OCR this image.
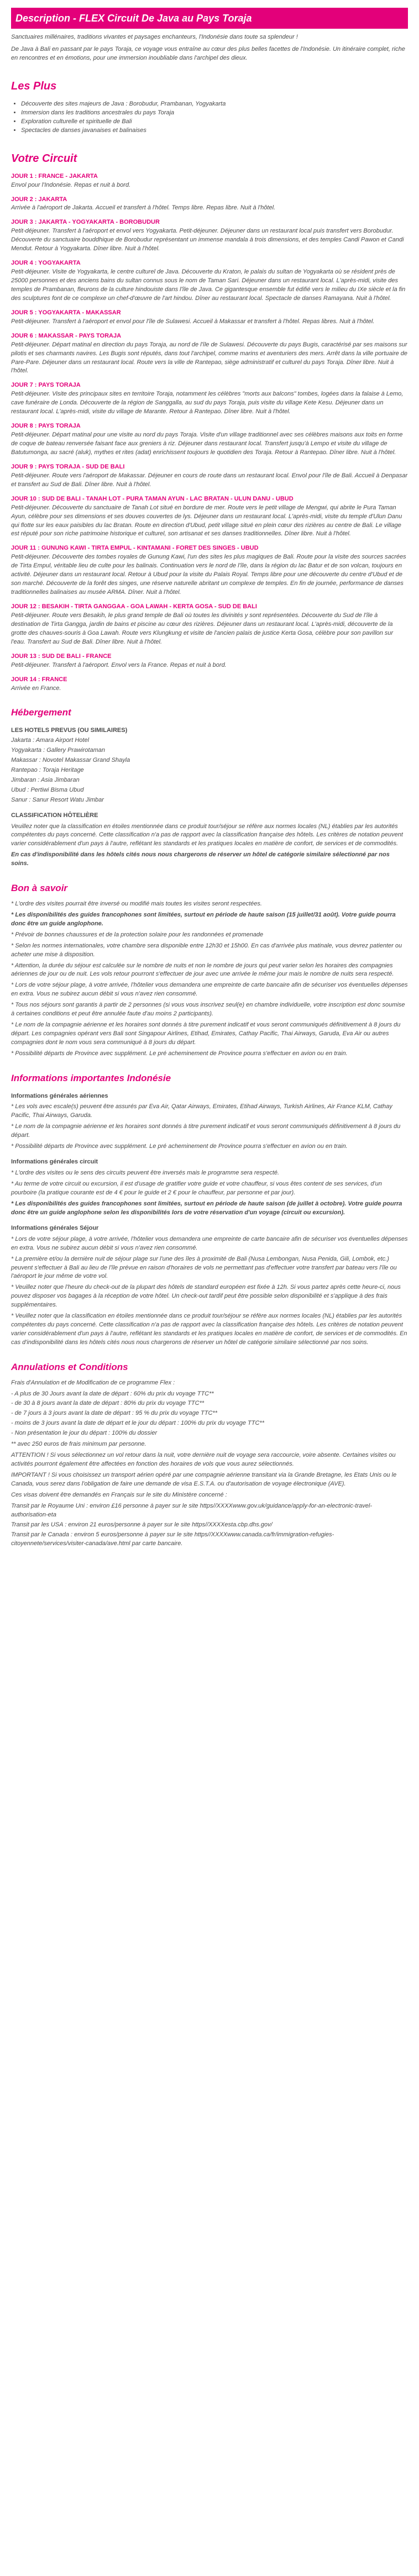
Description - FLEX Circuit De Java au Pays Toraja

Sanctuaires millénaires, traditions vivantes et paysages enchanteurs, l'Indonésie dans toute sa splendeur !

De Java à Bali en passant par le pays Toraja, ce voyage vous entraîne au cœur des plus belles facettes de l'Indonésie. Un itinéraire complet, riche en rencontres et en émotions, pour une immersion inoubliable dans l'archipel des dieux.

Les Plus
• Découverte des sites majeurs de Java : Borobudur, Prambanan, Yogyakarta
• Immersion dans les traditions ancestrales du pays Toraja
• Exploration culturelle et spirituelle de Bali
• Spectacles de danses javanaises et balinaises
Votre Circuit
JOUR 1 : FRANCE - JAKARTA
Envol pour l'Indonésie. Repas et nuit à bord.
JOUR 2 : JAKARTA
Arrivée à l'aéroport de Jakarta. Accueil et transfert à l'hôtel. Temps libre. Repas libre. Nuit à l'hôtel.
JOUR 3 : JAKARTA - YOGYAKARTA - BOROBUDUR
Petit-déjeuner. Transfert à l'aéroport et envol vers Yogyakarta. Petit-déjeuner. Déjeuner dans un restaurant local puis transfert vers Borobudur. Découverte du sanctuaire bouddhique de Borobudur représentant un immense mandala à trois dimensions, et des temples Candi Pawon et Candi Mendut. Retour à Yogyakarta. Dîner libre. Nuit à l'hôtel.
JOUR 4 : YOGYAKARTA
Petit-déjeuner. Visite de Yogyakarta, le centre culturel de Java. Découverte du Kraton, le palais du sultan de Yogyakarta où se résident près de 25000 personnes et des anciens bains du sultan connus sous le nom de Taman Sari. Déjeuner dans un restaurant local. L'après-midi, visite des temples de Prambanan, fleurons de la culture hindouiste dans l'île de Java. Ce gigantesque ensemble fut édifié vers le milieu du IXe siècle et la fin des sculptures font de ce complexe un chef-d'œuvre de l'art hindou. Dîner au restaurant local. Spectacle de danses Ramayana. Nuit à l'hôtel.
JOUR 5 : YOGYAKARTA - MAKASSAR
Petit-déjeuner. Transfert à l'aéroport et envol pour l'île de Sulawesi. Accueil à Makassar et transfert à l'hôtel. Repas libres. Nuit à l'hôtel.
JOUR 6 : MAKASSAR - PAYS TORAJA
Petit-déjeuner. Départ matinal en direction du pays Toraja, au nord de l'île de Sulawesi. Découverte du pays Bugis, caractérisé par ses maisons sur pilotis et ses charmants navires. Les Bugis sont réputés, dans tout l'archipel, comme marins et aventuriers des mers. Arrêt dans la ville portuaire de Pare-Pare. Déjeuner dans un restaurant local. Route vers la ville de Rantepao, siège administratif et culturel du pays Toraja. Dîner libre. Nuit à l'hôtel.
JOUR 7 : PAYS TORAJA
Petit-déjeuner. Visite des principaux sites en territoire Toraja, notamment les célèbres "morts aux balcons" tombes, logées dans la falaise à Lemo, cave funéraire de Londa. Découverte de la région de Sanggalla, au sud du pays Toraja, puis visite du village Kete Kesu. Déjeuner dans un restaurant local. L'après-midi, visite du village de Marante. Retour à Rantepao. Dîner libre. Nuit à l'hôtel.
JOUR 8 : PAYS TORAJA
Petit-déjeuner. Départ matinal pour une visite au nord du pays Toraja. Visite d'un village traditionnel avec ses célèbres maisons aux toits en forme de coque de bateau renversée faisant face aux greniers à riz. Déjeuner dans restaurant local. Transfert jusqu'à Lempo et visite du village de Batutumonga, au sacré (aluk), mythes et rites (adat) enrichissent toujours le quotidien des Toraja. Retour à Rantepao. Dîner libre. Nuit à l'hôtel.
JOUR 9 : PAYS TORAJA - SUD DE BALI
Petit-déjeuner. Route vers l'aéroport de Makassar. Déjeuner en cours de route dans un restaurant local. Envol pour l'île de Bali. Accueil à Denpasar et transfert au Sud de Bali. Dîner libre. Nuit à l'hôtel.
JOUR 10 : SUD DE BALI - TANAH LOT - PURA TAMAN AYUN - LAC BRATAN - ULUN DANU - UBUD
Petit-déjeuner. Découverte du sanctuaire de Tanah Lot situé en bordure de mer. Route vers le petit village de Mengwi, qui abrite le Pura Taman Ayun, célèbre pour ses dimensions et ses douves couvertes de lys. Déjeuner dans un restaurant local. L'après-midi, visite du temple d'Ulun Danu qui flotte sur les eaux paisibles du lac Bratan. Route en direction d'Ubud, petit village situé en plein cœur des rizières au centre de Bali. Le village est réputé pour son riche patrimoine historique et culturel, son artisanat et ses danses traditionnelles. Dîner libre. Nuit à l'hôtel.
JOUR 11 : GUNUNG KAWI - TIRTA EMPUL - KINTAMANI - FORET DES SINGES - UBUD
Petit-déjeuner. Découverte des tombes royales de Gunung Kawi, l'un des sites les plus magiques de Bali. Route pour la visite des sources sacrées de Tirta Empul, véritable lieu de culte pour les balinais. Continuation vers le nord de l'île, dans la région du lac Batur et de son volcan, toujours en activité. Déjeuner dans un restaurant local. Retour à Ubud pour la visite du Palais Royal. Temps libre pour une découverte du centre d'Ubud et de son marché. Découverte de la forêt des singes, une réserve naturelle abritant un complexe de temples. En fin de journée, performance de danses traditionnelles balinaises au musée ARMA. Dîner. Nuit à l'hôtel.
JOUR 12 : BESAKIH - TIRTA GANGGAA - GOA LAWAH - KERTA GOSA - SUD DE BALI
Petit-déjeuner. Route vers Besakih, le plus grand temple de Bali où toutes les divinités y sont représentées. Découverte du Sud de l'île à destination de Tirta Gangga, jardin de bains et piscine au cœur des rizières. Déjeuner dans un restaurant local. L'après-midi, découverte de la grotte des chauves-souris à Goa Lawah. Route vers Klungkung et visite de l'ancien palais de justice Kerta Gosa, célèbre pour son pavillon sur l'eau. Transfert au Sud de Bali. Dîner libre. Nuit à l'hôtel.
JOUR 13 : SUD DE BALI - FRANCE
Petit-déjeuner. Transfert à l'aéroport. Envol vers la France. Repas et nuit à bord.
JOUR 14 : FRANCE
Arrivée en France.
Hébergement
LES HOTELS PREVUS (OU SIMILAIRES)
Jakarta : Amara Airport Hotel
Yogyakarta : Gallery Prawirotaman
Makassar : Novotel Makassar Grand Shayla
Rantepao : Toraja Heritage
Jimbaran : Asia Jimbaran
Ubud : Pertiwi Bisma Ubud
Sanur : Sanur Resort Watu Jimbar
CLASSIFICATION HÔTELIÈRE

Veuillez noter que la classification en étoiles mentionnée dans ce produit tour/séjour se réfère aux normes locales (NL) établies par les autorités compétentes du pays concerné. Cette classification n'a pas de rapport avec la classification française des hôtels. Les critères de notation peuvent varier considérablement d'un pays à l'autre, reflétant les standards et les pratiques locales en matière de confort, de services et de commodités.

En cas d'indisponibilité dans les hôtels cités nous nous chargerons de réserver un hôtel de catégorie similaire sélectionné par nos soins.

Bon à savoir

* L'ordre des visites pourrait être inversé ou modifié mais toutes les visites seront respectées.

* Les disponibilités des guides francophones sont limitées, surtout en période de haute saison (15 juillet/31 août). Votre guide pourra donc être un guide anglophone.

* Prévoir de bonnes chaussures et de la protection solaire pour les randonnées et promenade

* Selon les normes internationales, votre chambre sera disponible entre 12h30 et 15h00. En cas d'arrivée plus matinale, vous devrez patienter ou acheter une mise à disposition.

* Attention, la durée du séjour est calculée sur le nombre de nuits et non le nombre de jours qui peut varier selon les horaires des compagnies aériennes de jour ou de nuit. Les vols retour pourront s'effectuer de jour avec une arrivée le même jour mais le nombre de nuits sera respecté.

* Lors de votre séjour plage, à votre arrivée, l'hôtelier vous demandera une empreinte de carte bancaire afin de sécuriser vos éventuelles dépenses en extra. Vous ne subirez aucun débit si vous n'avez rien consommé.

* Tous nos séjours sont garantis à partir de 2 personnes (si vous vous inscrivez seul(e) en chambre individuelle, votre inscription est donc soumise à certaines conditions et peut être annulée faute d'au moins 2 participants).

* Le nom de la compagnie aérienne et les horaires sont donnés à titre purement indicatif et vous seront communiqués définitivement à 8 jours du départ. Les compagnies opérant vers Bali sont Singapour Airlines, Etihad, Emirates, Cathay Pacific, Thai Airways, Garuda, Eva Air ou autres compagnies dont le nom vous sera communiqué à 8 jours du départ.

* Possibilité départs de Province avec supplément. Le pré acheminement de Province pourra s'effectuer en avion ou en train.

Informations importantes Indonésie
Informations générales aériennes

* Les vols avec escale(s) peuvent être assurés par Eva Air, Qatar Airways, Emirates, Etihad Airways, Turkish Airlines, Air France KLM, Cathay Pacific, Thai Airways, Garuda.

* Le nom de la compagnie aérienne et les horaires sont donnés à titre purement indicatif et vous seront communiqués définitivement à 8 jours du départ.

* Possibilité départs de Province avec supplément. Le pré acheminement de Province pourra s'effectuer en avion ou en train.

Informations générales circuit

* L'ordre des visites ou le sens des circuits peuvent être inversés mais le programme sera respecté.

* Au terme de votre circuit ou excursion, il est d'usage de gratifier votre guide et votre chauffeur, si vous êtes content de ses services, d'un pourboire (la pratique courante est de 4 € pour le guide et 2 € pour le chauffeur, par personne et par jour).

* Les disponibilités des guides francophones sont limitées, surtout en période de haute saison (de juillet à octobre). Votre guide pourra donc être un guide anglophone selon les disponibilités lors de votre réservation d'un voyage (circuit ou excursion).

Informations générales Séjour

* Lors de votre séjour plage, à votre arrivée, l'hôtelier vous demandera une empreinte de carte bancaire afin de sécuriser vos éventuelles dépenses en extra. Vous ne subirez aucun débit si vous n'avez rien consommé.

* La première et/ou la dernière nuit de séjour plage sur l'une des îles à proximité de Bali (Nusa Lembongan, Nusa Penida, Gili, Lombok, etc.) peuvent s'effectuer à Bali au lieu de l'île prévue en raison d'horaires de vols ne permettant pas d'effectuer votre transfert par bateau vers l'île ou l'aéroport le jour même de votre vol.

* Veuillez noter que l'heure du check-out de la plupart des hôtels de standard européen est fixée à 12h. Si vous partez après cette heure-ci, nous pouvez disposer vos bagages à la réception de votre hôtel. Un check-out tardif peut être possible selon disponibilité et s'applique à des frais supplémentaires.

* Veuillez noter que la classification en étoiles mentionnée dans ce produit tour/séjour se réfère aux normes locales (NL) établies par les autorités compétentes du pays concerné. Cette classification n'a pas de rapport avec la classification française des hôtels. Les critères de notation peuvent varier considérablement d'un pays à l'autre, reflétant les standards et les pratiques locales en matière de confort, de services et de commodités. En cas d'indisponibilité dans les hôtels cités nous nous chargerons de réserver un hôtel de catégorie similaire sélectionné par nos soins.

Annulations et Conditions

Frais d'Annulation et de Modification de ce programme Flex :

- A plus de 30 Jours avant la date de départ : 60% du prix du voyage TTC**
- de 30 à 8 jours avant la date de départ : 80% du prix du voyage TTC**
- de 7 jours à 3 jours avant la date de départ : 95 % du prix du voyage TTC**
- moins de 3 jours avant la date de départ et le jour du départ : 100% du prix du voyage TTC**
- Non présentation le jour du départ : 100% du dossier

** avec 250 euros de frais minimum par personne.

ATTENTION ! Si vous sélectionnez un vol retour dans la nuit, votre dernière nuit de voyage sera raccourcie, voire absente. Certaines visites ou activités pourront également être affectées en fonction des horaires de vols que vous aurez sélectionnés.

IMPORTANT ! Si vous choisissez un transport aérien opéré par une compagnie aérienne transitant via la Grande Bretagne, les Etats Unis ou le Canada, vous serez dans l'obligation de faire une demande de visa E.S.T.A. ou d'autorisation de voyage électronique (AVE).

Ces visas doivent être demandés en Français sur le site du Ministère concerné :

Transit par le Royaume Uni : environ £16 personne à payer sur le site https//XXXXwww.gov.uk/guidance/apply-for-an-electronic-travel-authorisation-eta
Transit par les USA : environ 21 euros/personne à payer sur le site https//XXXXesta.cbp.dhs.gov/
Transit par le Canada : environ 5 euros/personne à payer sur le site https//XXXXwww.canada.ca/fr/immigration-refugies-citoyennete/services/visiter-canada/ave.html par carte bancaire.
